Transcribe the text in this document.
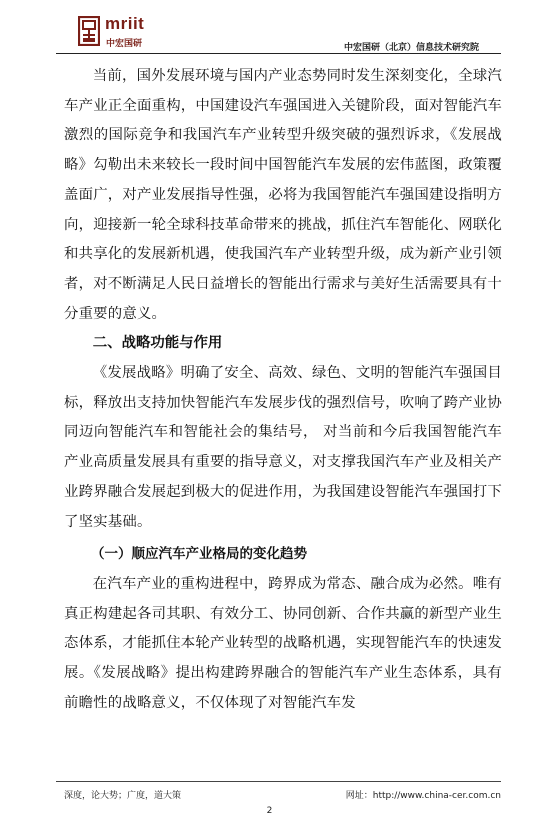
mriit
中宏国研	中宏国研（北京）信息技术研究院

当前，国外发展环境与国内产业态势同时发生深刻变化，全球汽车产业正全面重构，中国建设汽车强国进入关键阶段，面对智能汽车激烈的国际竞争和我国汽车产业转型升级突破的强烈诉求，《发展战略》勾勒出未来较长一段时间中国智能汽车发展的宏伟蓝图，政策覆盖面广，对产业发展指导性强，必将为我国智能汽车强国建设指明方向，迎接新一轮全球科技革命带来的挑战，抓住汽车智能化、网联化和共享化的发展新机遇，使我国汽车产业转型升级，成为新产业引领者，对不断满足人民日益增长的智能出行需求与美好生活需要具有十分重要的意义。

二、战略功能与作用

《发展战略》明确了安全、高效、绿色、文明的智能汽车强国目标，释放出支持加快智能汽车发展步伐的强烈信号，吹响了跨产业协同迈向智能汽车和智能社会的集结号， 对当前和今后我国智能汽车产业高质量发展具有重要的指导意义，对支撑我国汽车产业及相关产业跨界融合发展起到极大的促进作用，为我国建设智能汽车强国打下了坚实基础。

（一）顺应汽车产业格局的变化趋势

在汽车产业的重构进程中，跨界成为常态、融合成为必然。唯有真正构建起各司其职、有效分工、协同创新、合作共赢的新型产业生态体系，才能抓住本轮产业转型的战略机遇，实现智能汽车的快速发展。《发展战略》提出构建跨界融合的智能汽车产业生态体系，具有前瞻性的战略意义，不仅体现了对智能汽车发

深度，论大势；广度，道大策	网址：http://www.china-cer.com.cn
2
